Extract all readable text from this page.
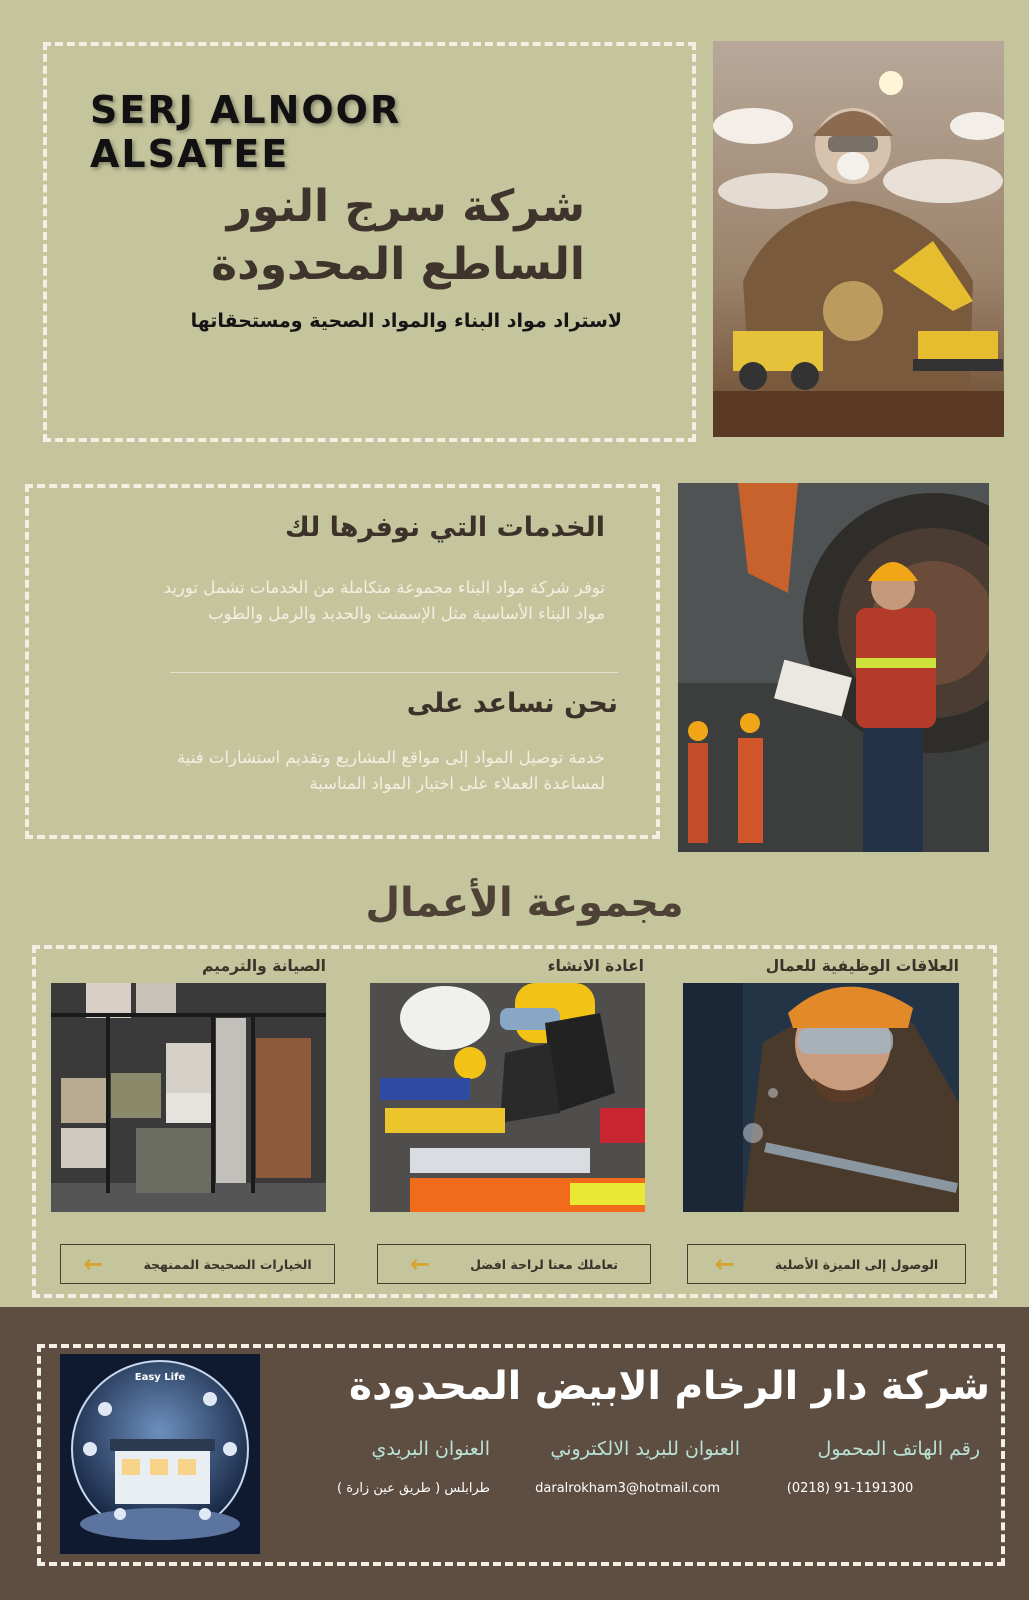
SERJ ALNOOR ALSATEE
شركة سرج النور الساطع المحدودة
لاستراد مواد البناء والمواد الصحية ومستحقاتها
الخدمات التي نوفرها لك
توفر شركة مواد البناء مجموعة متكاملة من الخدمات تشمل توريد مواد البناء الأساسية مثل الإسمنت والحديد والرمل والطوب
نحن نساعد على
خدمة توصيل المواد إلى مواقع المشاريع وتقديم استشارات فنية لمساعدة العملاء على اختيار المواد المناسبة
مجموعة الأعمال
العلاقات الوظيفية للعمال
الوصول إلى الميزة الأصلية
←
اعادة الانشاء
تعاملك معنا لراحة افضل
←
الصيانة والترميم
الخيارات الصحيحة الممنهجة
←
Easy Life	شركة دار الرخام الابيض المحدودة
رقم الهاتف المحمول
العنوان للبريد الالكتروني
العنوان البريدي
(0218) 91-1191300
daralrokham3@hotmail.com
طرابلس ( طريق عين زارة )
